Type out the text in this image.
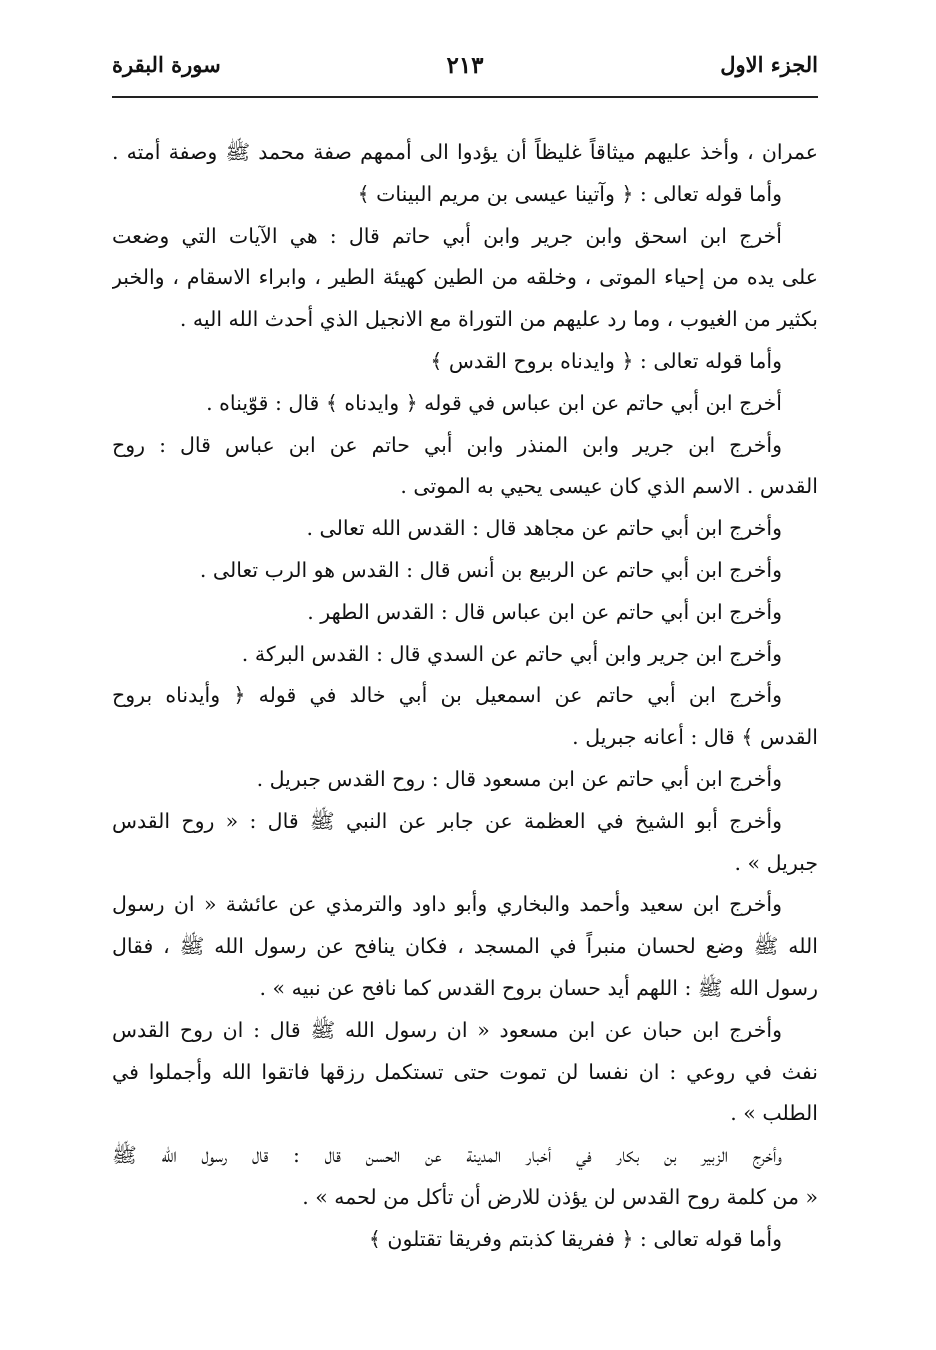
الجزء الاول
٢١٣
سورة البقرة
عمران ، وأخذ عليهم ميثاقاً غليظاً أن يؤدوا الى أممهم صفة محمد ﷺ وصفة أمته .
وأما قوله تعالى : ﴿ وآتينا عيسى بن مريم البينات ﴾
أخرج ابن اسحق وابن جرير وابن أبي حاتم قال : هي الآيات التي وضعت
على يده من إحياء الموتى ، وخلقه من الطين كهيئة الطير ، وابراء الاسقام ، والخبر
بكثير من الغيوب ، وما رد عليهم من التوراة مع الانجيل الذي أحدث الله اليه .
وأما قوله تعالى : ﴿ وايدناه بروح القدس ﴾
أخرج ابن أبي حاتم عن ابن عباس في قوله ﴿ وايدناه ﴾ قال : قوّيناه .
وأخرج ابن جرير وابن المنذر وابن أبي حاتم عن ابن عباس قال : روح
القدس . الاسم الذي كان عيسى يحيي به الموتى .
وأخرج ابن أبي حاتم عن مجاهد قال : القدس الله تعالى .
وأخرج ابن أبي حاتم عن الربيع بن أنس قال : القدس هو الرب تعالى .
وأخرج ابن أبي حاتم عن ابن عباس قال : القدس الطهر .
وأخرج ابن جرير وابن أبي حاتم عن السدي قال : القدس البركة .
وأخرج ابن أبي حاتم عن اسمعيل بن أبي خالد في قوله ﴿ وأيدناه بروح
القدس ﴾ قال : أعانه جبريل .
وأخرج ابن أبي حاتم عن ابن مسعود قال : روح القدس جبريل .
وأخرج أبو الشيخ في العظمة عن جابر عن النبي ﷺ قال : « روح القدس
جبريل » .
وأخرج ابن سعيد وأحمد والبخاري وأبو داود والترمذي عن عائشة « ان رسول
الله ﷺ وضع لحسان منبراً في المسجد ، فكان ينافح عن رسول الله ﷺ ، فقال
رسول الله ﷺ : اللهم أيد حسان بروح القدس كما نافح عن نبيه » .
وأخرج ابن حبان عن ابن مسعود « ان رسول الله ﷺ قال : ان روح القدس
نفث في روعي : ان نفسا لن تموت حتى تستكمل رزقها فاتقوا الله وأجملوا في
الطلب » .
وأخرج الزبير بن بكار في أخبار المدينة عن الحسن قال : قال رسول الله ﷺ
« من كلمة روح القدس لن يؤذن للارض أن تأكل من لحمه » .
وأما قوله تعالى : ﴿ ففريقا كذبتم وفريقا تقتلون ﴾
